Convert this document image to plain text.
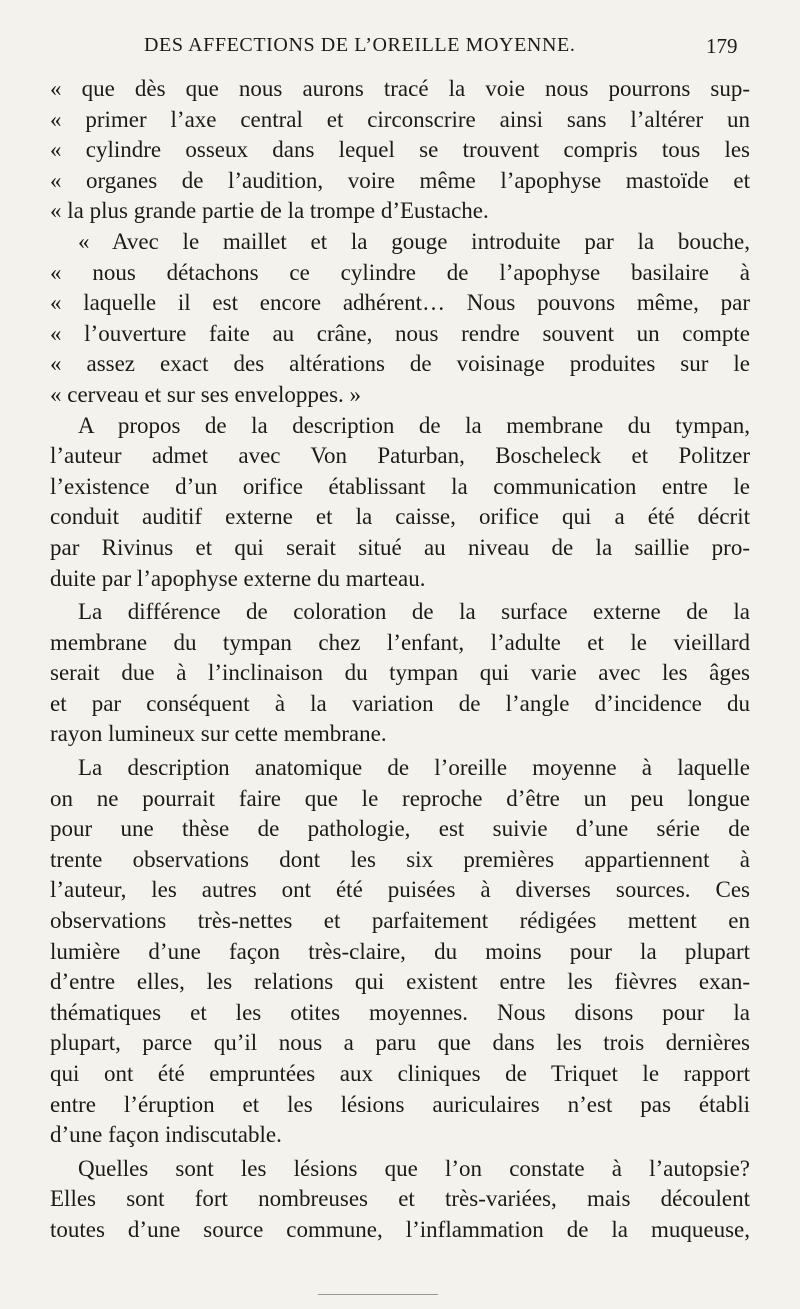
DES AFFECTIONS DE L’OREILLE MOYENNE.	179
« que dès que nous aurons tracé la voie nous pourrons sup-
« primer l’axe central et circonscrire ainsi sans l’altérer un
« cylindre osseux dans lequel se trouvent compris tous les
« organes de l’audition, voire même l’apophyse mastoïde et
« la plus grande partie de la trompe d’Eustache.
« Avec le maillet et la gouge introduite par la bouche,
« nous détachons ce cylindre de l’apophyse basilaire à
« laquelle il est encore adhérent… Nous pouvons même, par
« l’ouverture faite au crâne, nous rendre souvent un compte
« assez exact des altérations de voisinage produites sur le
« cerveau et sur ses enveloppes. »
A propos de la description de la membrane du tympan,
l’auteur admet avec Von Paturban, Boscheleck et Politzer
l’existence d’un orifice établissant la communication entre le
conduit auditif externe et la caisse, orifice qui a été décrit
par Rivinus et qui serait situé au niveau de la saillie pro-
duite par l’apophyse externe du marteau.
La différence de coloration de la surface externe de la
membrane du tympan chez l’enfant, l’adulte et le vieillard
serait due à l’inclinaison du tympan qui varie avec les âges
et par conséquent à la variation de l’angle d’incidence du
rayon lumineux sur cette membrane.
La description anatomique de l’oreille moyenne à laquelle
on ne pourrait faire que le reproche d’être un peu longue
pour une thèse de pathologie, est suivie d’une série de
trente observations dont les six premières appartiennent à
l’auteur, les autres ont été puisées à diverses sources. Ces
observations très-nettes et parfaitement rédigées mettent en
lumière d’une façon très-claire, du moins pour la plupart
d’entre elles, les relations qui existent entre les fièvres exan-
thématiques et les otites moyennes. Nous disons pour la
plupart, parce qu’il nous a paru que dans les trois dernières
qui ont été empruntées aux cliniques de Triquet le rapport
entre l’éruption et les lésions auriculaires n’est pas établi
d’une façon indiscutable.
Quelles sont les lésions que l’on constate à l’autopsie?
Elles sont fort nombreuses et très-variées, mais découlent
toutes d’une source commune, l’inflammation de la muqueuse,
